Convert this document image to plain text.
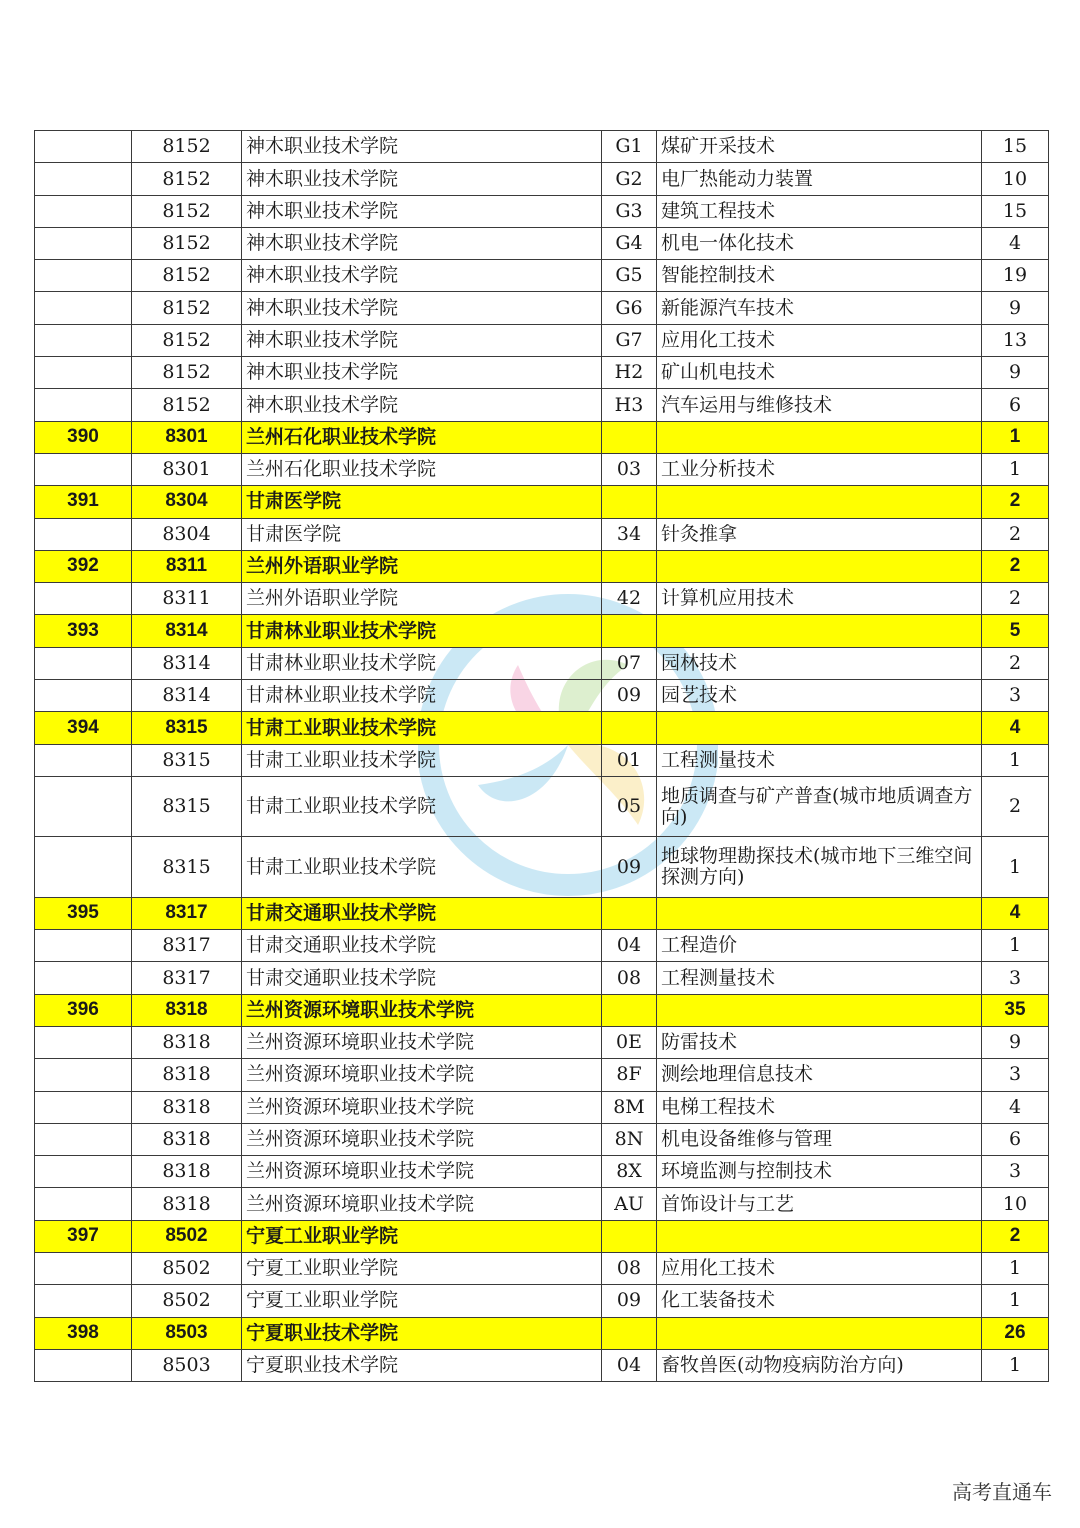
	8152	神木职业技术学院	G1	煤矿开采技术	15
	8152	神木职业技术学院	G2	电厂热能动力装置	10
	8152	神木职业技术学院	G3	建筑工程技术	15
	8152	神木职业技术学院	G4	机电一体化技术	4
	8152	神木职业技术学院	G5	智能控制技术	19
	8152	神木职业技术学院	G6	新能源汽车技术	9
	8152	神木职业技术学院	G7	应用化工技术	13
	8152	神木职业技术学院	H2	矿山机电技术	9
	8152	神木职业技术学院	H3	汽车运用与维修技术	6
390	8301	兰州石化职业技术学院			1
	8301	兰州石化职业技术学院	03	工业分析技术	1
391	8304	甘肃医学院			2
	8304	甘肃医学院	34	针灸推拿	2
392	8311	兰州外语职业学院			2
	8311	兰州外语职业学院	42	计算机应用技术	2
393	8314	甘肃林业职业技术学院			5
	8314	甘肃林业职业技术学院	07	园林技术	2
	8314	甘肃林业职业技术学院	09	园艺技术	3
394	8315	甘肃工业职业技术学院			4
	8315	甘肃工业职业技术学院	01	工程测量技术	1
	8315	甘肃工业职业技术学院	05	地质调查与矿产普查(城市地质调查方向)	2
	8315	甘肃工业职业技术学院	09	地球物理勘探技术(城市地下三维空间探测方向)	1
395	8317	甘肃交通职业技术学院			4
	8317	甘肃交通职业技术学院	04	工程造价	1
	8317	甘肃交通职业技术学院	08	工程测量技术	3
396	8318	兰州资源环境职业技术学院			35
	8318	兰州资源环境职业技术学院	0E	防雷技术	9
	8318	兰州资源环境职业技术学院	8F	测绘地理信息技术	3
	8318	兰州资源环境职业技术学院	8M	电梯工程技术	4
	8318	兰州资源环境职业技术学院	8N	机电设备维修与管理	6
	8318	兰州资源环境职业技术学院	8X	环境监测与控制技术	3
	8318	兰州资源环境职业技术学院	AU	首饰设计与工艺	10
397	8502	宁夏工业职业学院			2
	8502	宁夏工业职业学院	08	应用化工技术	1
	8502	宁夏工业职业学院	09	化工装备技术	1
398	8503	宁夏职业技术学院			26
	8503	宁夏职业技术学院	04	畜牧兽医(动物疫病防治方向)	1
高考直通车
